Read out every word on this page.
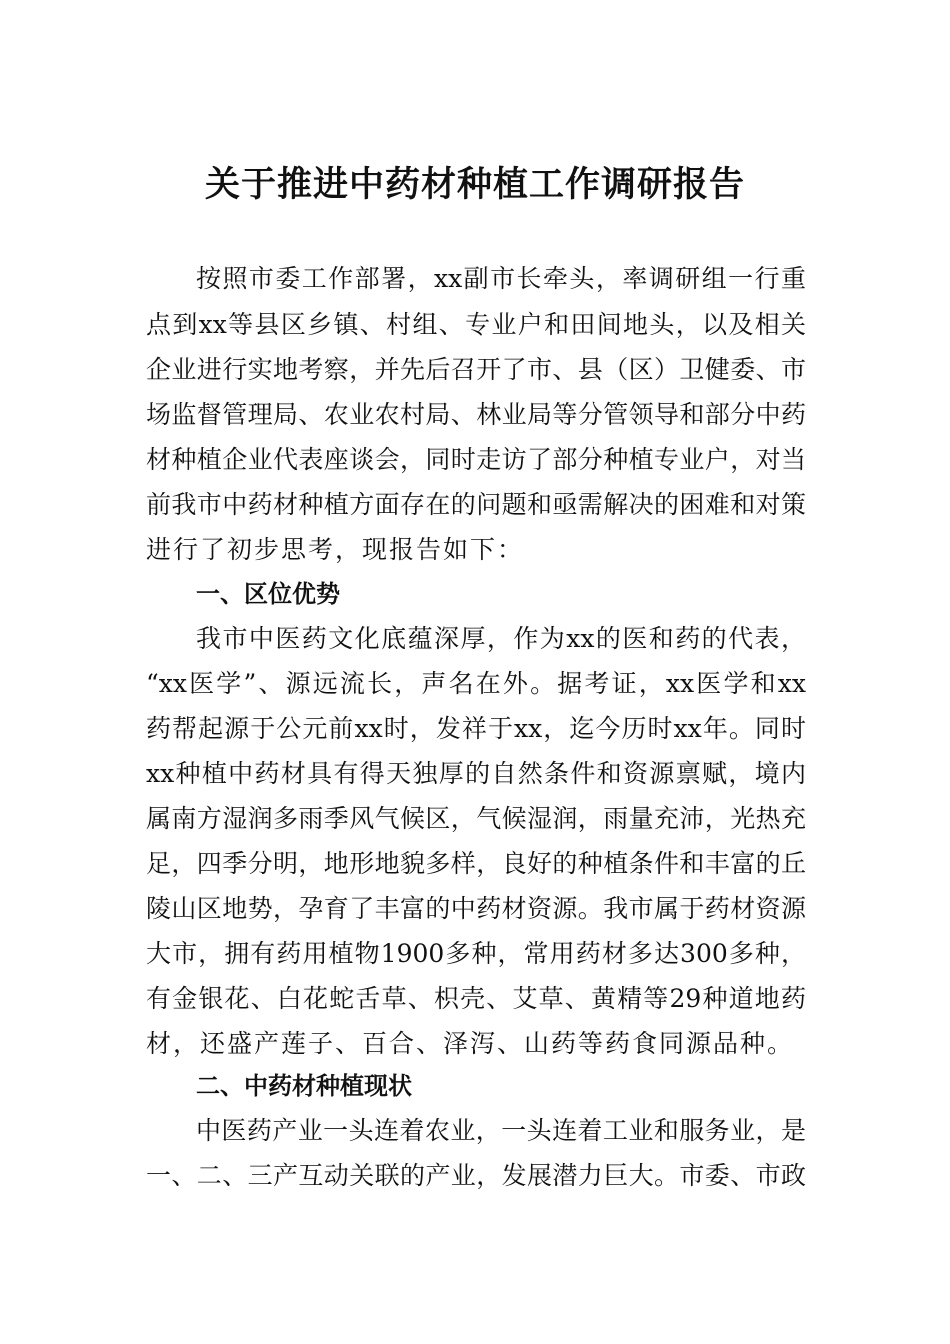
关于推进中药材种植工作调研报告
按照市委工作部署，xx副市长牵头，率调研组一行重
点到xx等县区乡镇、村组、专业户和田间地头，以及相关
企业进行实地考察，并先后召开了市、县（区）卫健委、市
场监督管理局、农业农村局、林业局等分管领导和部分中药
材种植企业代表座谈会，同时走访了部分种植专业户，对当
前我市中药材种植方面存在的问题和亟需解决的困难和对策
进行了初步思考，现报告如下：
一、区位优势
我市中医药文化底蕴深厚，作为xx的医和药的代表，
“xx医学”、源远流长，声名在外。据考证，xx医学和xx
药帮起源于公元前xx时，发祥于xx，迄今历时xx年。同时
xx种植中药材具有得天独厚的自然条件和资源禀赋，境内
属南方湿润多雨季风气候区，气候湿润，雨量充沛，光热充
足，四季分明，地形地貌多样，良好的种植条件和丰富的丘
陵山区地势，孕育了丰富的中药材资源。我市属于药材资源
大市，拥有药用植物1900多种，常用药材多达300多种，
有金银花、白花蛇舌草、枳壳、艾草、黄精等29种道地药
材，还盛产莲子、百合、泽泻、山药等药食同源品种。
二、中药材种植现状
中医药产业一头连着农业，一头连着工业和服务业，是
一、二、三产互动关联的产业，发展潜力巨大。市委、市政
